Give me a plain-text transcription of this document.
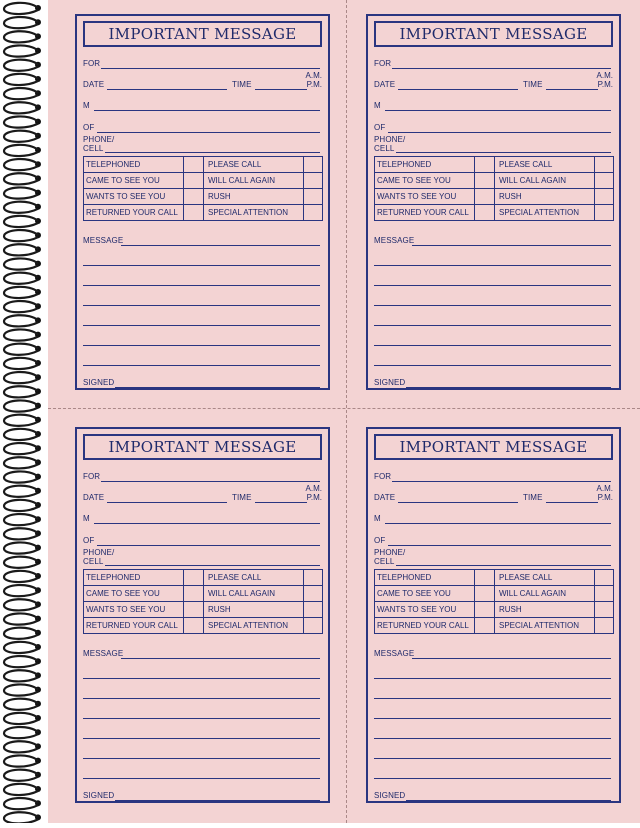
IMPORTANT MESSAGE
FOR
DATE	TIME
A.M.
P.M.
M
OF
PHONE/
CELL
TELEPHONED	PLEASE CALL
CAME TO SEE YOU	WILL CALL AGAIN
WANTS TO SEE YOU	RUSH
RETURNED YOUR CALL	SPECIAL ATTENTION
MESSAGE
SIGNED
IMPORTANT MESSAGE
FOR
DATE	TIME
A.M.
P.M.
M
OF
PHONE/
CELL
TELEPHONED	PLEASE CALL
CAME TO SEE YOU	WILL CALL AGAIN
WANTS TO SEE YOU	RUSH
RETURNED YOUR CALL	SPECIAL ATTENTION
MESSAGE
SIGNED
IMPORTANT MESSAGE
FOR
DATE	TIME
A.M.
P.M.
M
OF
PHONE/
CELL
TELEPHONED	PLEASE CALL
CAME TO SEE YOU	WILL CALL AGAIN
WANTS TO SEE YOU	RUSH
RETURNED YOUR CALL	SPECIAL ATTENTION
MESSAGE
SIGNED
IMPORTANT MESSAGE
FOR
DATE	TIME
A.M.
P.M.
M
OF
PHONE/
CELL
TELEPHONED	PLEASE CALL
CAME TO SEE YOU	WILL CALL AGAIN
WANTS TO SEE YOU	RUSH
RETURNED YOUR CALL	SPECIAL ATTENTION
MESSAGE
SIGNED
